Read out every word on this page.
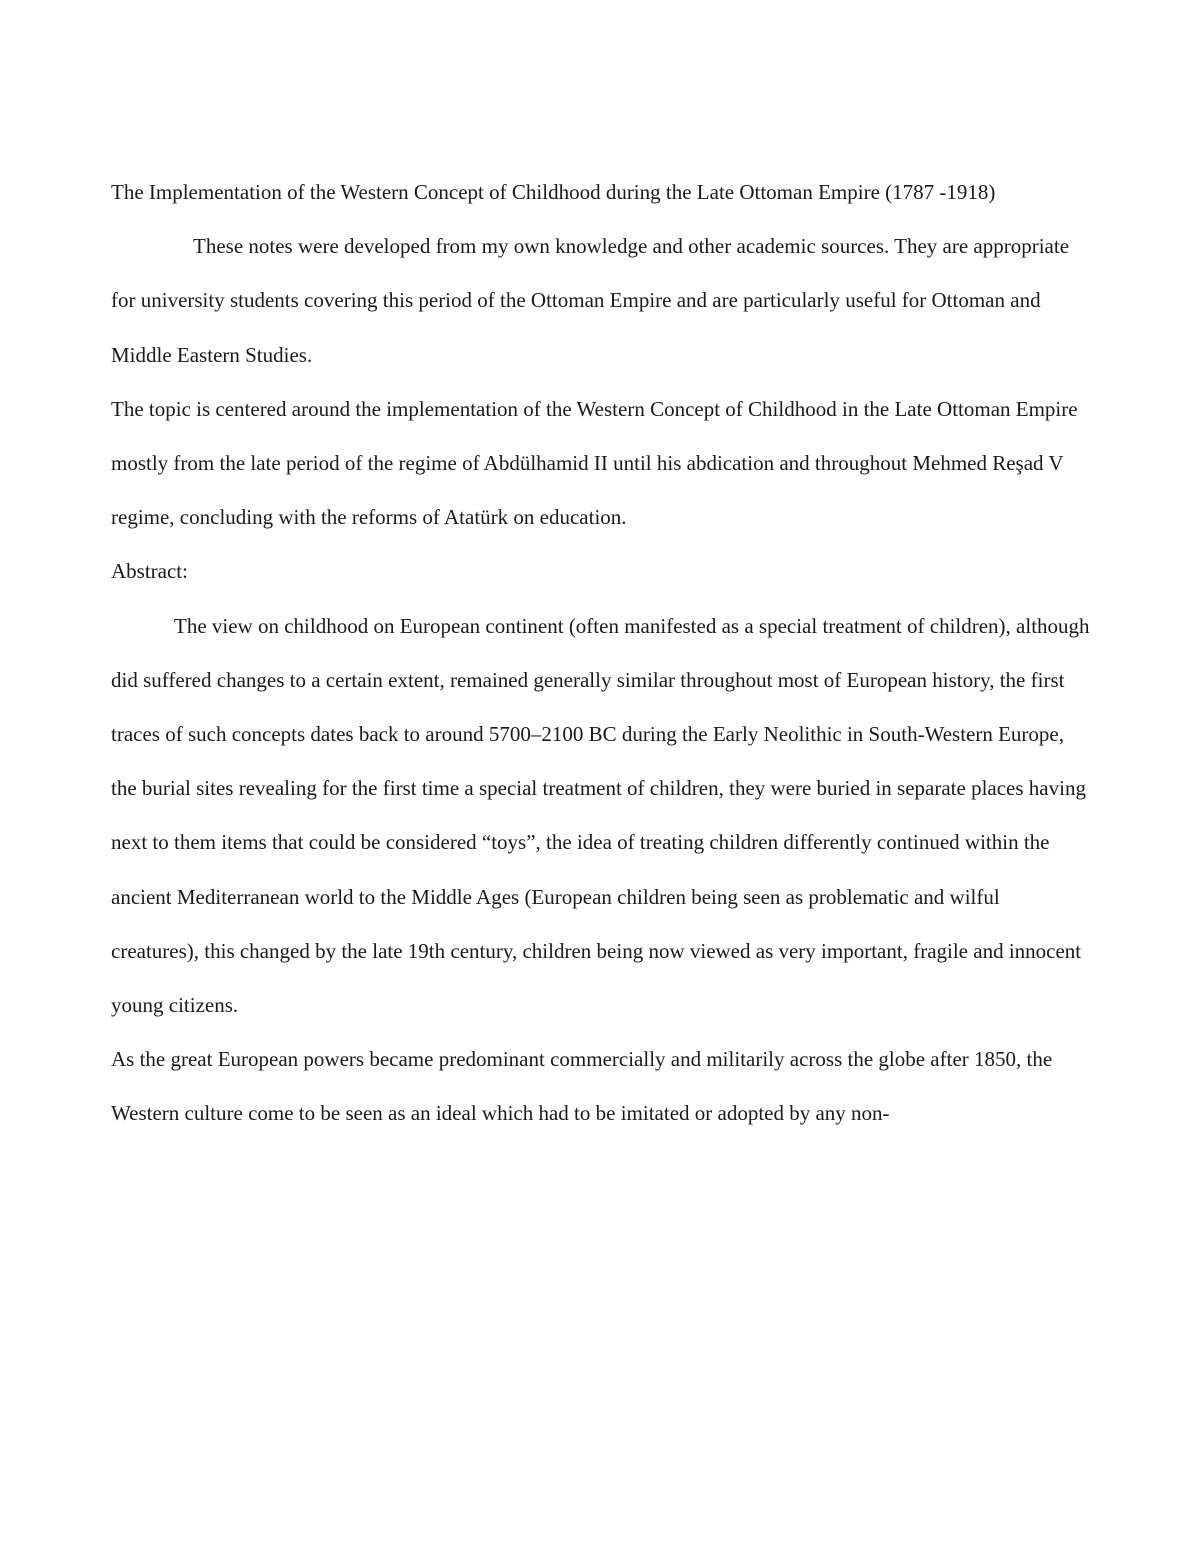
The Implementation of the Western Concept of Childhood during the Late Ottoman Empire (1787 -1918)

These notes were developed from my own knowledge and other academic sources. They are appropriate for university students covering this period of the Ottoman Empire and are particularly useful for Ottoman and Middle Eastern Studies.

The topic is centered around the implementation of the Western Concept of Childhood in the Late Ottoman Empire mostly from the late period of the regime of Abdülhamid II until his abdication and throughout Mehmed Reşad V regime, concluding with the reforms of Atatürk on education.

Abstract:

The view on childhood on European continent (often manifested as a special treatment of children), although did suffered changes to a certain extent, remained generally similar throughout most of European history, the first traces of such concepts dates back to around 5700–2100 BC during the Early Neolithic in South-Western Europe, the burial sites revealing for the first time a special treatment of children, they were buried in separate places having next to them items that could be considered “toys”, the idea of treating children differently continued within the ancient Mediterranean world to the Middle Ages (European children being seen as problematic and wilful creatures), this changed by the late 19th century, children being now viewed as very important, fragile and innocent young citizens.

As the great European powers became predominant commercially and militarily across the globe after 1850, the Western culture come to be seen as an ideal which had to be imitated or adopted by any non-
